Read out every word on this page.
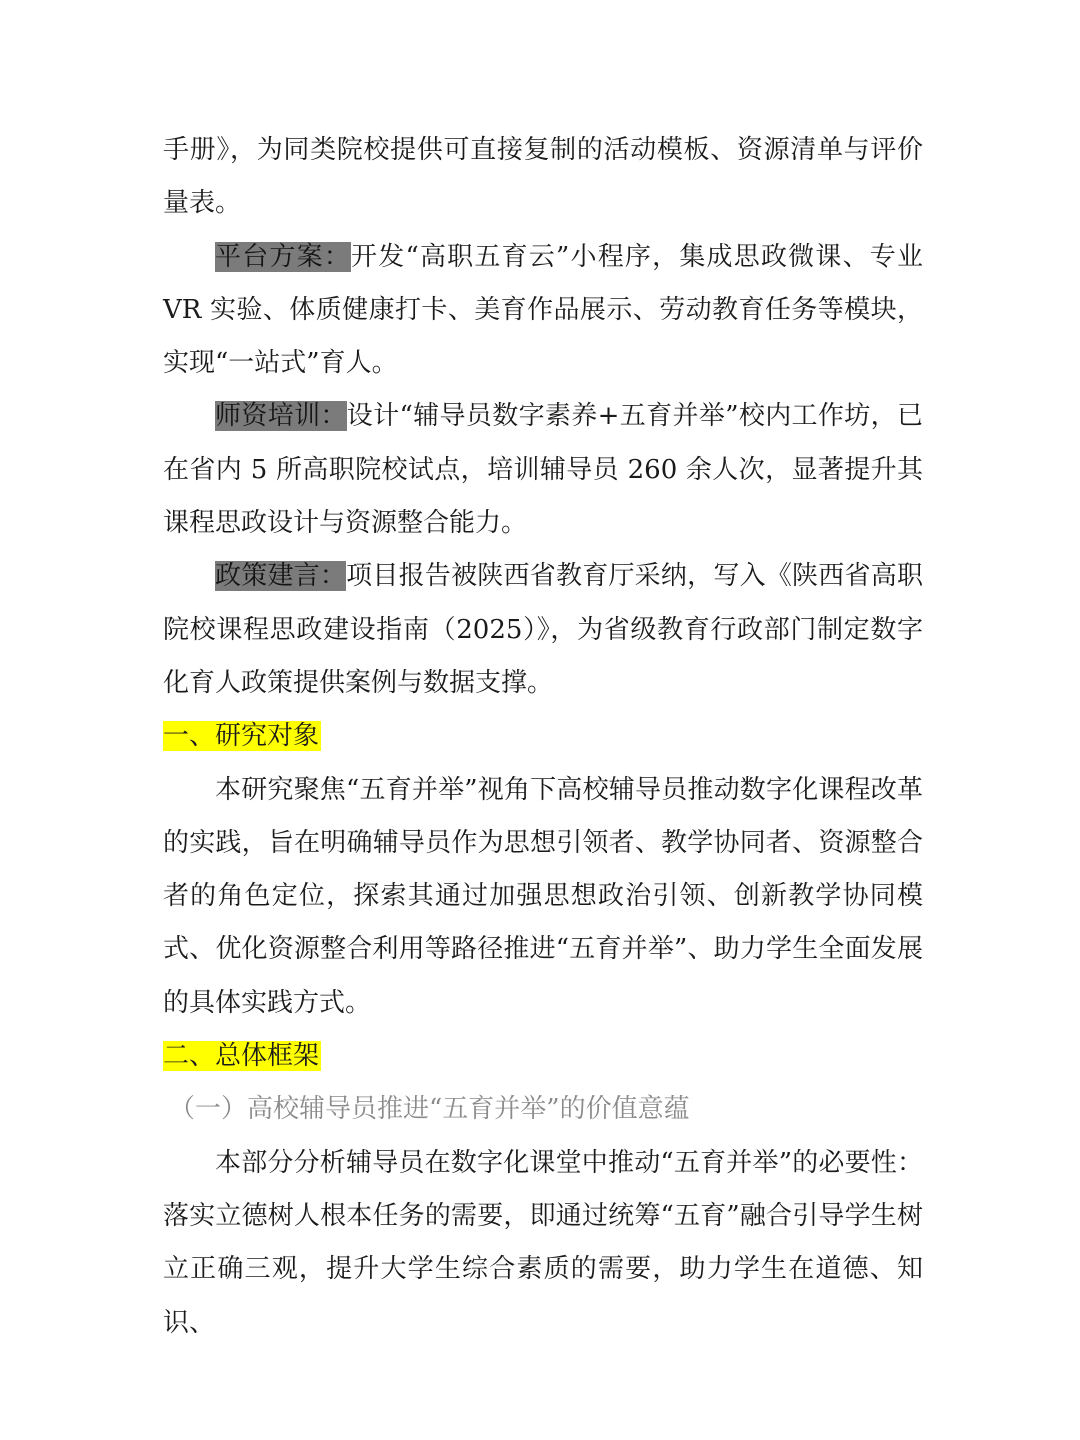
手册》，为同类院校提供可直接复制的活动模板、资源清单与评价量表。

平台方案：开发“高职五育云”小程序，集成思政微课、专业 VR 实验、体质健康打卡、美育作品展示、劳动教育任务等模块，实现“一站式”育人。

师资培训：设计“辅导员数字素养+五育并举”校内工作坊，已在省内 5 所高职院校试点，培训辅导员 260 余人次，显著提升其课程思政设计与资源整合能力。

政策建言：项目报告被陕西省教育厅采纳，写入《陕西省高职院校课程思政建设指南（2025）》，为省级教育行政部门制定数字化育人政策提供案例与数据支撑。

一、研究对象

本研究聚焦“五育并举”视角下高校辅导员推动数字化课程改革的实践，旨在明确辅导员作为思想引领者、教学协同者、资源整合者的角色定位，探索其通过加强思想政治引领、创新教学协同模式、优化资源整合利用等路径推进“五育并举”、助力学生全面发展的具体实践方式。

二、总体框架

（一）高校辅导员推进“五育并举”的价值意蕴

本部分分析辅导员在数字化课堂中推动“五育并举”的必要性：落实立德树人根本任务的需要，即通过统筹“五育”融合引导学生树立正确三观，提升大学生综合素质的需要，助力学生在道德、知识、
